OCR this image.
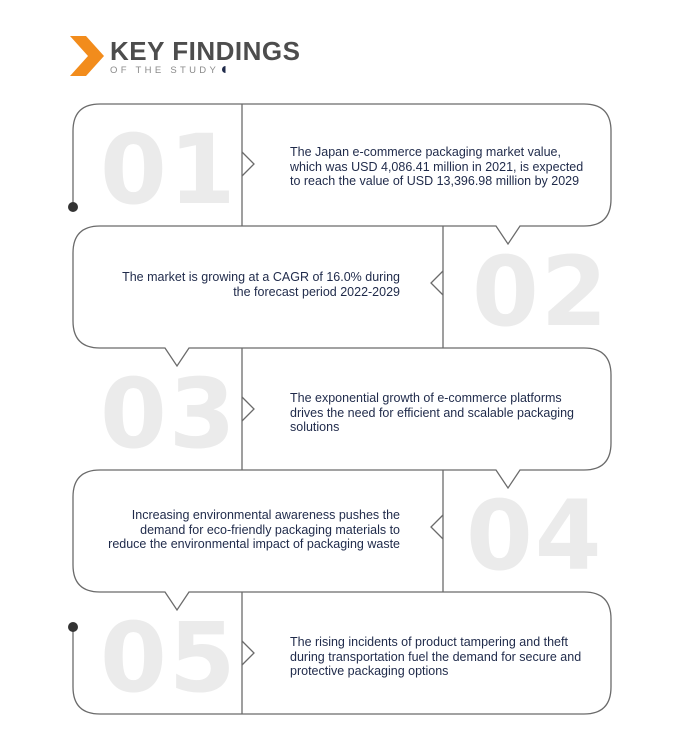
KEY FINDINGS
OF THE STUDY
01
02
03
04
05
The Japan e-commerce packaging market value, which was USD 4,086.41 million in 2021, is expected to reach the value of USD 13,396.98 million by 2029
The market is growing at a CAGR of 16.0% during the forecast period 2022-2029
The exponential growth of e-commerce platforms drives the need for efficient and scalable packaging solutions
Increasing environmental awareness pushes the demand for eco-friendly packaging materials to reduce the environmental impact of packaging waste
The rising incidents of product tampering and theft during transportation fuel the demand for secure and protective packaging options
